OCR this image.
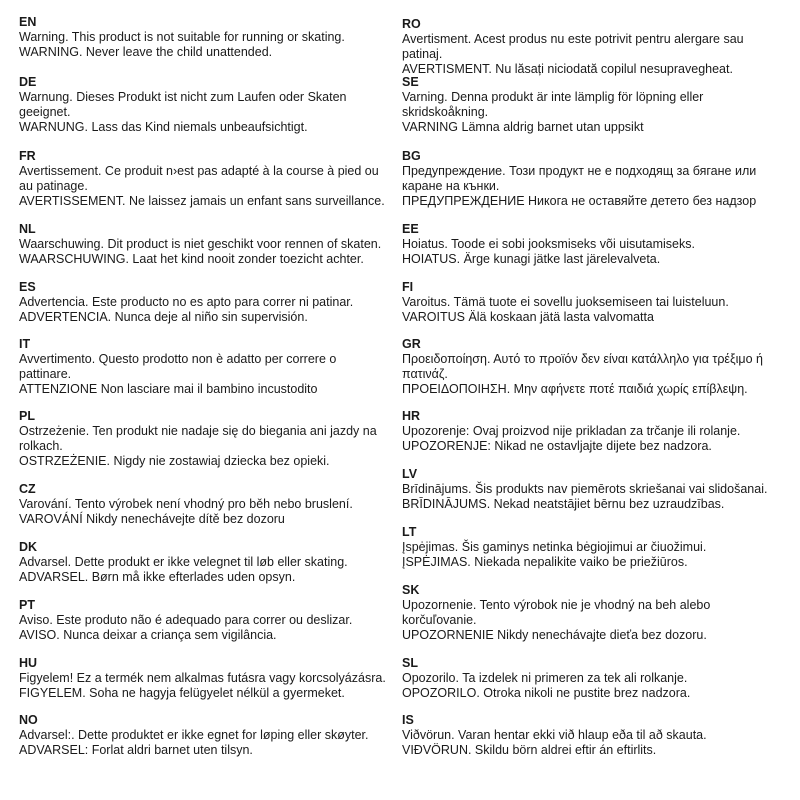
EN

Warning. This product is not suitable for running or skating.

WARNING. Never leave the child unattended.

DE

Warnung. Dieses Produkt ist nicht zum Laufen oder Skaten geeignet.

WARNUNG. Lass das Kind niemals unbeaufsichtigt.

FR

Avertissement. Ce produit n›est pas adapté à la course à pied ou au patinage.

AVERTISSEMENT. Ne laissez jamais un enfant sans surveillance.

NL

Waarschuwing. Dit product is niet geschikt voor rennen of skaten.

WAARSCHUWING. Laat het kind nooit zonder toezicht achter.

ES

Advertencia. Este producto no es apto para correr ni patinar.

ADVERTENCIA. Nunca deje al niño sin supervisión.

IT

Avvertimento. Questo prodotto non è adatto per correre o pattinare.

ATTENZIONE Non lasciare mai il bambino incustodito

PL

Ostrzeżenie. Ten produkt nie nadaje się do biegania ani jazdy na rolkach.

OSTRZEŻENIE. Nigdy nie zostawiaj dziecka bez opieki.

CZ

Varování. Tento výrobek není vhodný pro běh nebo bruslení.

VAROVÁNÍ Nikdy nenechávejte dítě bez dozoru

DK

Advarsel. Dette produkt er ikke velegnet til løb eller skating.

ADVARSEL. Børn må ikke efterlades uden opsyn.

PT

Aviso. Este produto não é adequado para correr ou deslizar.

AVISO. Nunca deixar a criança sem vigilância.

HU

Figyelem! Ez a termék nem alkalmas futásra vagy korcsolyázásra.

FIGYELEM. Soha ne hagyja felügyelet nélkül a gyermeket.

NO

Advarsel:. Dette produktet er ikke egnet for løping eller skøyter.

ADVARSEL: Forlat aldri barnet uten tilsyn.

RO

Avertisment. Acest produs nu este potrivit pentru alergare sau patinaj.

AVERTISMENT. Nu lăsați niciodată copilul nesupravegheat.

SE

Varning. Denna produkt är inte lämplig för löpning eller skridskoåkning.

VARNING Lämna aldrig barnet utan uppsikt

BG

Предупреждение. Този продукт не е подходящ за бягане или каране на кънки.

ПРЕДУПРЕЖДЕНИЕ Никога не оставяйте детето без надзор

EE

Hoiatus. Toode ei sobi jooksmiseks või uisutamiseks.

HOIATUS. Ärge kunagi jätke last järelevalveta.

FI

Varoitus. Tämä tuote ei sovellu juoksemiseen tai luisteluun.

VAROITUS Älä koskaan jätä lasta valvomatta

GR

Προειδοποίηση. Αυτό το προϊόν δεν είναι κατάλληλο για τρέξιμο ή πατινάζ.

ΠΡΟΕΙΔΟΠΟΙΗΣΗ. Μην αφήνετε ποτέ παιδιά χωρίς επίβλεψη.

HR

Upozorenje: Ovaj proizvod nije prikladan za trčanje ili rolanje.

UPOZORENJE: Nikad ne ostavljajte dijete bez nadzora.

LV

Brīdinājums. Šis produkts nav piemērots skriešanai vai slidošanai.

BRĪDINĀJUMS. Nekad neatstājiet bērnu bez uzraudzības.

LT

Įspėjimas. Šis gaminys netinka bėgiojimui ar čiuožimui.

ĮSPĖJIMAS. Niekada nepalikite vaiko be priežiūros.

SK

Upozornenie. Tento výrobok nie je vhodný na beh alebo korčuľovanie.

UPOZORNENIE Nikdy nenechávajte dieťa bez dozoru.

SL

Opozorilo. Ta izdelek ni primeren za tek ali rolkanje.

OPOZORILO. Otroka nikoli ne pustite brez nadzora.

IS

Viðvörun. Varan hentar ekki við hlaup eða til að skauta.

VIÐVÖRUN. Skildu börn aldrei eftir án eftirlits.
